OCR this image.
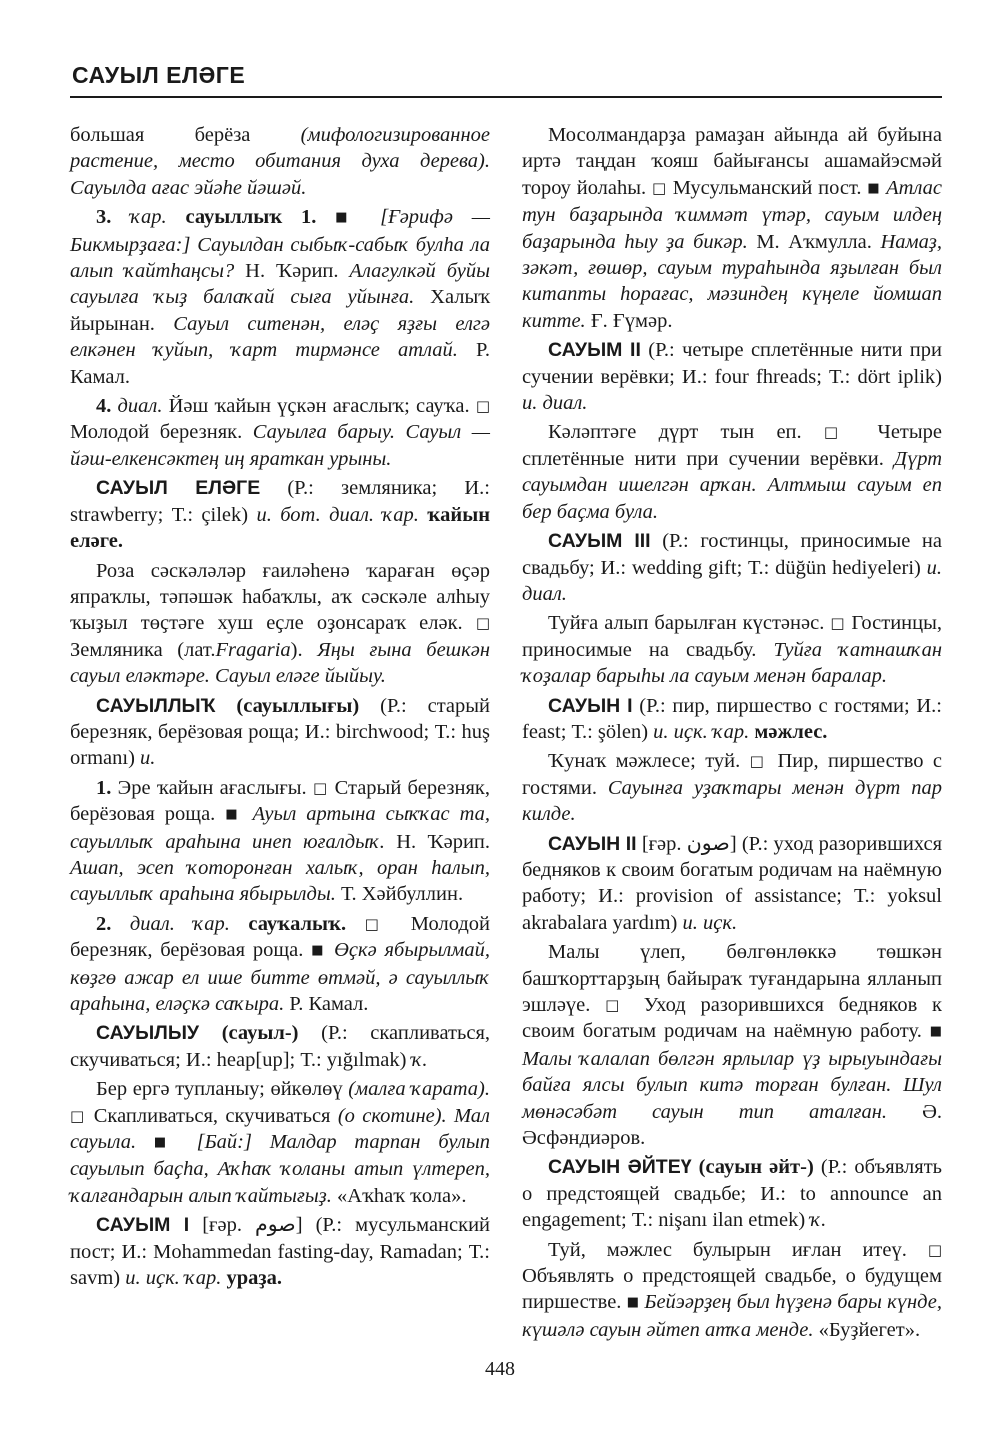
САУЫЛ ЕЛӘГЕ

большая берёза (мифологизированное растение, место обитания духа дерева). Сауылда ағас эйәһе йәшәй.

3. ҡар. сауыллыҡ 1. ■ [Ғәрифә — Бикмырҙаға:] Сауылдан сыбыҡ-сабыҡ булһа ла алып ҡайтһаңсы? Н. Ҡәрип. Алагулкәй буйы сауылға ҡыҙ балаҡай сыға уйынға. Халыҡ йырынан. Сауыл ситенән, еләҫ яҙғы елгә елкәнен ҡуйып, ҡарт тирмәнсе атлай. Р. Камал.

4. диал. Йәш ҡайын үҫкән ағаслыҡ; сауҡа. □ Молодой березняк. Сауылға барыу. Сауыл — йәш-елкенсәктең иң яраткан урыны.

САУЫЛ ЕЛӘГЕ (Р.: земляника; И.: strawberry; Т.: çilek) и. бот. диал. ҡар. ҡайын еләге.

Роза сәскәләләр ғаиләһенә ҡараған өҫәр япраҡлы, тәпәшәк һабаҡлы, аҡ сәскәле алһыу ҡыҙыл төҫтәге хуш еҫле оҙонсараҡ еләк. □ Земляника (лат.Fragaria). Яңы ғына бешкән сауыл еләктәре. Сауыл еләге йыйыу.

САУЫЛЛЫҠ (сауыллығы) (Р.: старый березняк, берёзовая роща; И.: birchwood; Т.: huş ormanı) и.

1. Эре ҡайын ағаслығы. □ Старый березняк, берёзовая роща. ■ Ауыл артына сыҡҡас та, сауыллыҡ араһына инеп юғалдыҡ. Н. Ҡәрип. Ашап, эсеп ҡоторонған халыҡ, оран һалып, сауыллыҡ араһына ябырылды. Т. Хәйбуллин.

2. диал. ҡар. сауҡалыҡ. □ Молодой березняк, берёзовая роща. ■ Өҫкә ябырылмай, көҙгө ажар ел ише битте өтмәй, ә сауыллыҡ араһына, еләҫкә саҡыра. Р. Камал.

САУЫЛЫУ (сауыл-) (Р.: скапливаться, скучиваться; И.: heap[up]; Т.: yığılmak) ҡ.

Бер ергә тупланыу; өйкөлөү (малға ҡарата). □ Скапливаться, скучиваться (о скотине). Мал сауыла. ■ [Бай:] Малдар тарпан булып сауылып баҫһа, Аҡһаҡ ҡоланы атып үлтереп, ҡалғандарын алып ҡайтығыҙ. «Аҡһаҡ ҡола».

САУЫМ I [ғәр. صوم] (Р.: мусульманский пост; И.: Mohammedan fasting-day, Ramadan; Т.: savm) и. иҫк. ҡар. ураҙа.

Мосолмандарҙа рамаҙан айында ай буйына иртә таңдан ҡояш байығансы ашамайэсмәй тороу йолаһы. □ Мусульманский пост. ■ Атлас тун баҙарында ҡиммәт үтәр, сауым илдең баҙарында һыу ҙа бикәр. М. Аҡмулла. Намаҙ, зәкәт, ғөшөр, сауым тураһында яҙылған был китапты һорағас, мәзиндең күңеле йомшап китте. Ғ. Ғүмәр.

САУЫМ II (Р.: четыре сплетённые нити при сучении верёвки; И.: four fhreads; Т.: dört iplik) и. диал.

Кәләптәге дүрт тын еп. □ Четыре сплетённые нити при сучении верёвки. Дүрт сауымдан ишелгән арҡан. Алтмыш сауым еп бер баҫма була.

САУЫМ III (Р.: гостинцы, приносимые на свадьбу; И.: wedding gift; Т.: düğün hediyeleri) и. диал.

Туйға алып барылған күстәнәс. □ Гостинцы, приносимые на свадьбу. Туйға ҡатнашҡан ҡоҙалар барыһы ла сауым менән баралар.

САУЫН I (Р.: пир, пиршество с гостями; И.: feast; Т.: şölen) и. иҫк. ҡар. мәжлес.

Ҡунаҡ мәжлесе; туй. □ Пир, пиршество с гостями. Сауынға уҙаҡтары менән дүрт пар килде.

САУЫН II [ғәр. صون] (Р.: уход разорившихся бедняков к своим богатым родичам на наёмную работу; И.: provision of assistance; Т.: yoksul akrabalara yardım) и. иҫк.

Малы үлеп, бөлгөнлөккә төшкән башҡорттарҙың байыраҡ туғандарына ялланып эшләүе. □ Уход разорившихся бедняков к своим богатым родичам на наёмную работу. ■ Малы ҡалалап бөлгән ярлылар үҙ ырыуындағы байға ялсы булып китә торған булған. Шул мөнәсәбәт сауын тип аталған. Ә. Әсфәндиәров.

САУЫН ӘЙТЕҮ (сауын әйт-) (Р.: объявлять о предстоящей свадьбе; И.: to announce an engagement; Т.: nişanı ilan etmek) ҡ.

Туй, мәжлес булырын иғлан итеү. □ Объявлять о предстоящей свадьбе, о будущем пиршестве. ■ Бейэәрҙең был һүҙенә бары күнде, күшәлә сауын әйтеп атҡа менде. «Буҙйегет».

448
